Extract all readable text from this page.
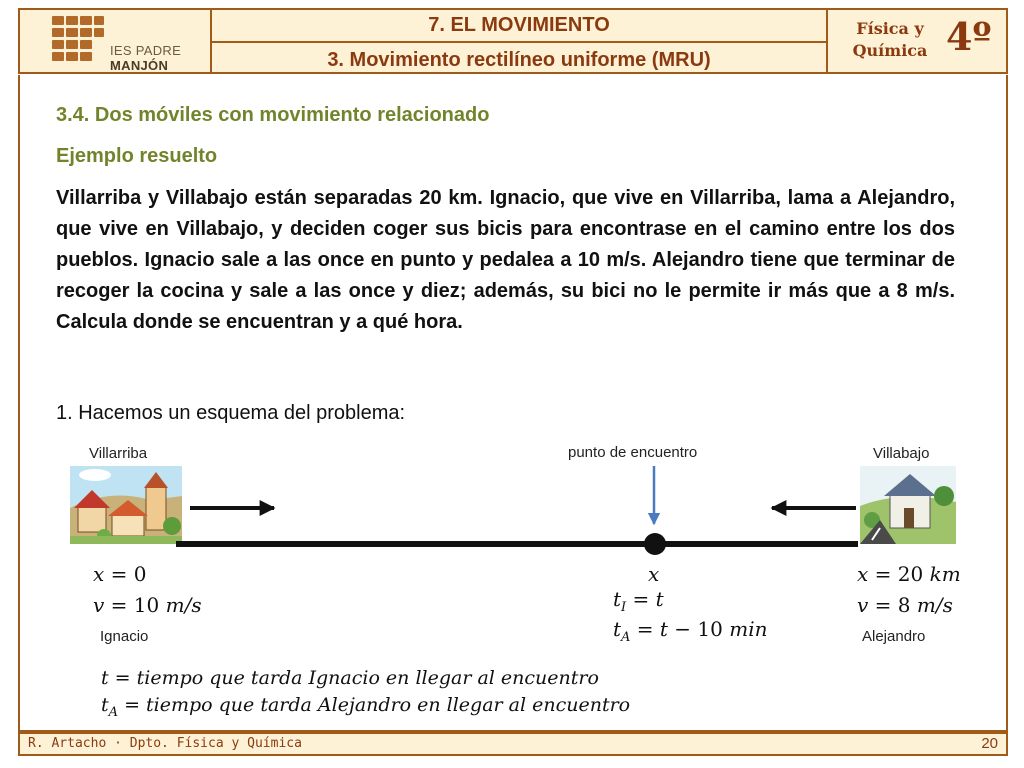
IES PADRE
MANJÓN
7. EL MOVIMIENTO
3. Movimiento rectilíneo uniforme (MRU)
Física y
Química 4º
3.4. Dos móviles con movimiento relacionado
Ejemplo resuelto
Villarriba y Villabajo están separadas 20 km. Ignacio, que vive en Villarriba, lama a Alejandro, que vive en Villabajo, y deciden coger sus bicis para encontrase en el camino entre los dos pueblos. Ignacio sale a las once en punto y pedalea a 10 m/s. Alejandro tiene que terminar de recoger la cocina y sale a las once y diez; además, su bici no le permite ir más que a 8 m/s. Calcula donde se encuentran y a qué hora.
1. Hacemos un esquema del problema:
Villarriba	Villabajo
punto de encuentro
x = 0
v = 10 m/s
Ignacio
x
$t_I = t$
$t_A = t - 10$ min
x = 20 km
v = 8 m/s
Alejandro
t = tiempo que tarda Ignacio en llegar al encuentro
$t_A$ = tiempo que tarda Alejandro en llegar al encuentro
R. Artacho · Dpto. Física y Química	20
